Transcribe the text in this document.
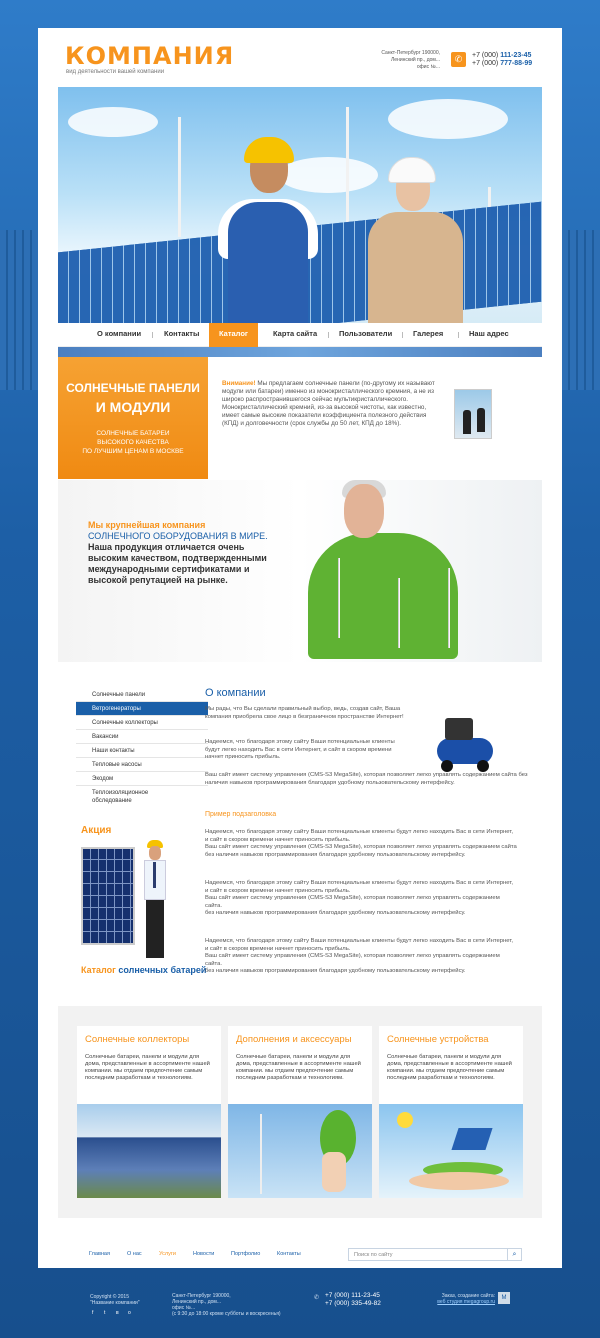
КОМПАНИЯ
вид деятельности вашей компании
Санкт-Петербург 190000,
Ленинский пр., дом...
офис №...
✆	+7 (000) 111-23-45
+7 (000) 777-88-99
О компании	Контакты	Каталог	Карта сайта	Пользователи	Галерея	Наш адрес
СОЛНЕЧНЫЕ ПАНЕЛИ
И МОДУЛИ
СОЛНЕЧНЫЕ БАТАРЕИ
ВЫСОКОГО КАЧЕСТВА
ПО ЛУЧШИМ ЦЕНАМ В МОСКВЕ
Внимание! Мы предлагаем солнечные панели (по-другому их называют модули или батареи) именно из монокристаллического кремния, а не из широко распространившегося сейчас мультикристаллического. Монокристаллический кремний, из-за высокой чистоты, как известно, имеет самые высокие показатели коэффициента полезного действия (КПД) и долговечности (срок службы до 50 лет, КПД до 18%).
Мы крупнейшая компания
СОЛНЕЧНОГО ОБОРУДОВАНИЯ В МИРЕ. Наша продукция отличается очень высоким качеством, подтвержденными международными сертификатами и высокой репутацией на рынке.
Солнечные панели
Ветрогенераторы
Солнечные коллекторы
Вакансии
Наши контакты
Тепловые насосы
Экодом
Теплоизоляционное обследование
Акция
Каталог солнечных батарей
О компании
Мы рады, что Вы сделали правильный выбор, ведь, создав сайт, Ваша компания приобрела свое лицо в безграничном пространстве Интернет!
Надеемся, что благодаря этому сайту Ваши потенциальные клиенты будут легко находить Вас в сети Интернет, и сайт в скором времени начнет приносить прибыль.
Ваш сайт имеет систему управления (CMS-S3 MegaSite), которая позволяет легко управлять содержанием сайта без наличия навыков программирования благодаря удобному пользовательскому интерфейсу.
Пример подзаголовка
Надеемся, что благодаря этому сайту Ваши потенциальные клиенты будут легко находить Вас в сети Интернет, и сайт в скором времени начнет приносить прибыль.
Ваш сайт имеет систему управления (CMS-S3 MegaSite), которая позволяет легко управлять содержанием сайта без наличия навыков программирования благодаря удобному пользовательскому интерфейсу.
Надеемся, что благодаря этому сайту Ваши потенциальные клиенты будут легко находить Вас в сети Интернет, и сайт в скором времени начнет приносить прибыль.
Ваш сайт имеет систему управления (CMS-S3 MegaSite), которая позволяет легко управлять содержанием сайта.
без наличия навыков программирования благодаря удобному пользовательскому интерфейсу.
Надеемся, что благодаря этому сайту Ваши потенциальные клиенты будут легко находить Вас в сети Интернет, и сайт в скором времени начнет приносить прибыль.
Ваш сайт имеет систему управления (CMS-S3 MegaSite), которая позволяет легко управлять содержанием сайта.
без наличия навыков программирования благодаря удобному пользовательскому интерфейсу.
Солнечные коллекторы
Солнечные батареи, панели и модули для дома, представленные в ассортименте нашей компании. мы отдаем предпочтение самым последним разработкам и технологиям.
Дополнения и аксессуары
Солнечные батареи, панели и модули для дома, представленные в ассортименте нашей компании. мы отдаем предпочтение самым последним разработкам и технологиям.
Солнечные устройства
Солнечные батареи, панели и модули для дома, представленные в ассортименте нашей компании. мы отдаем предпочтение самым последним разработкам и технологиям.
Главная	О нас	Услуги	Новости	Портфолио	Контакты	Поиск по сайту	⌕
Copyright © 2015
"Название компании"
f	t	в	о
Санкт-Петербург 190000,
Ленинский пр., дом...
офис №...
(с 9:30 до 18:00 кроме субботы и воскресенья)
✆ +7 (000) 111-23-45
+7 (000) 335-49-82
Заказ, создание сайта:
веб студия megagroup.ru
M
